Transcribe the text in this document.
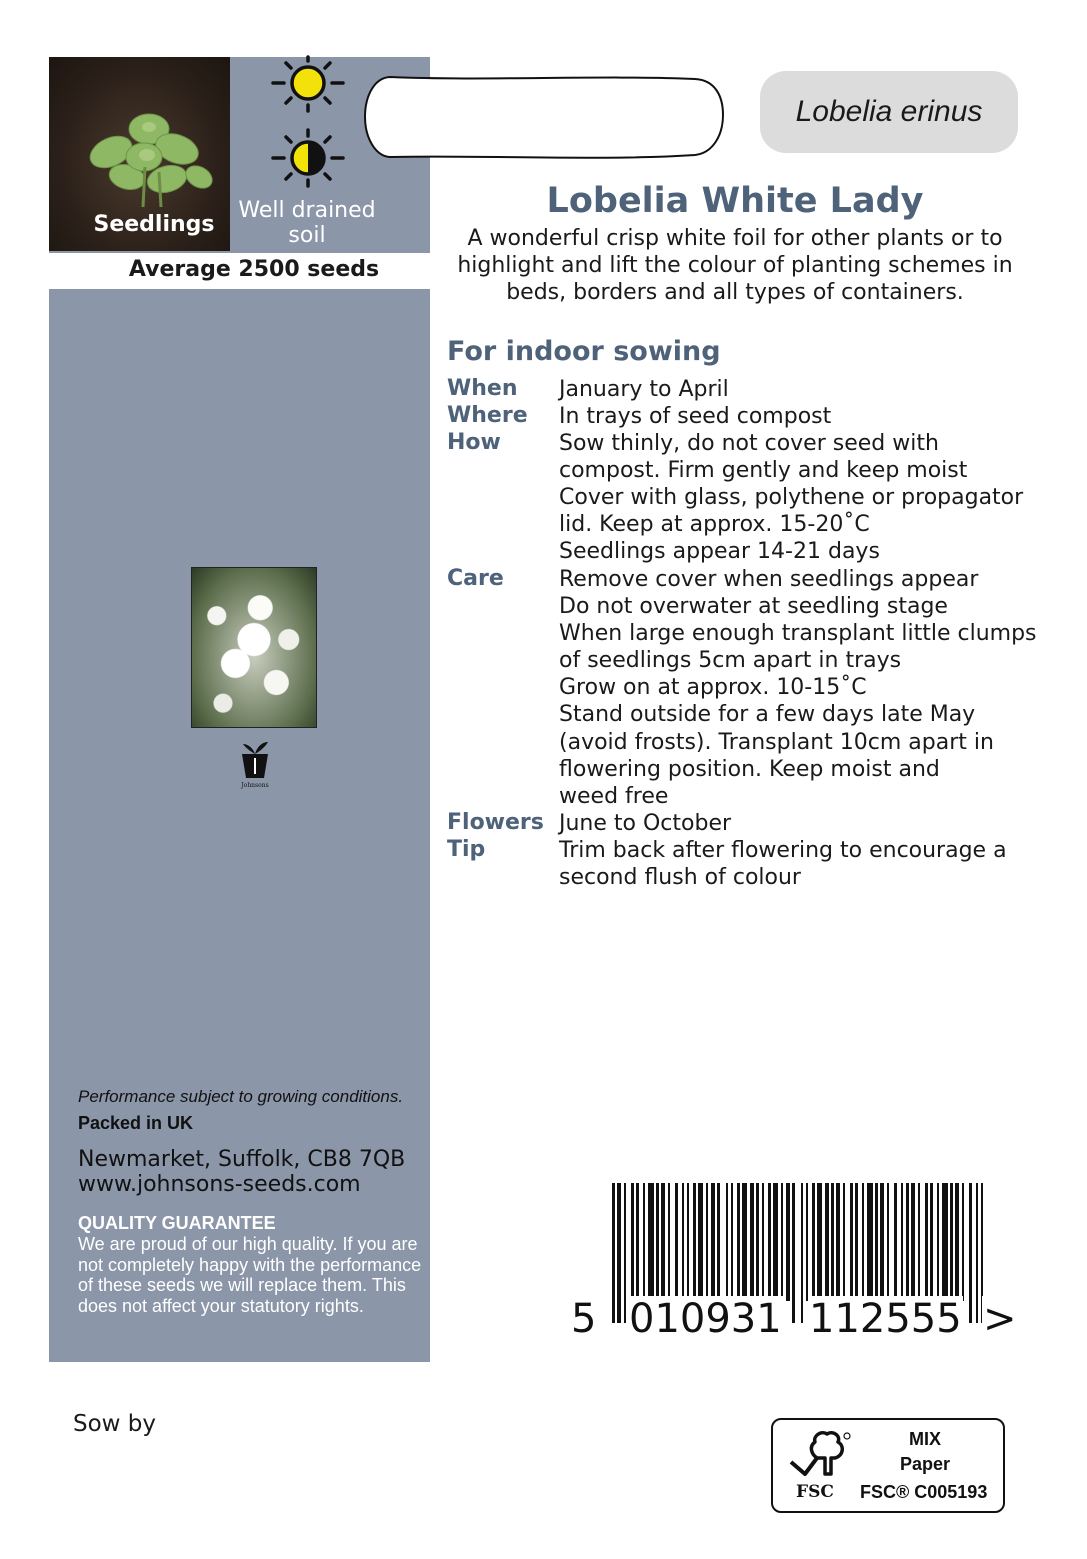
Seedlings
Well drained
soil
Average 2500 seeds
Johnsons
Performance subject to growing conditions.
Packed in UK
Newmarket, Suffolk, CB8 7QB
www.johnsons-seeds.com
QUALITY GUARANTEE
We are proud of our high quality. If you are not completely happy with the performance of these seeds we will replace them. This does not affect your statutory rights.
Lobelia erinus
Lobelia White Lady
A wonderful crisp white foil for other plants or to highlight and lift the colour of planting schemes in beds, borders and all types of containers.
For indoor sowing
When January to April
Where In trays of seed compost
How	Sow thinly, do not cover seed with
compost. Firm gently and keep moist
Cover with glass, polythene or propagator
lid. Keep at approx. 15-20˚C
Seedlings appear 14-21 days
Care	Remove cover when seedlings appear
Do not overwater at seedling stage
When large enough transplant little clumps
of seedlings 5cm apart in trays
Grow on at approx. 10-15˚C
Stand outside for a few days late May
(avoid frosts). Transplant 10cm apart in
flowering position. Keep moist and
weed free
Flowers June to October
Tip	Trim back after flowering to encourage a
second flush of colour
5 010931 112555 >
Sow by
FSC
MIX
Paper
FSC® C005193
